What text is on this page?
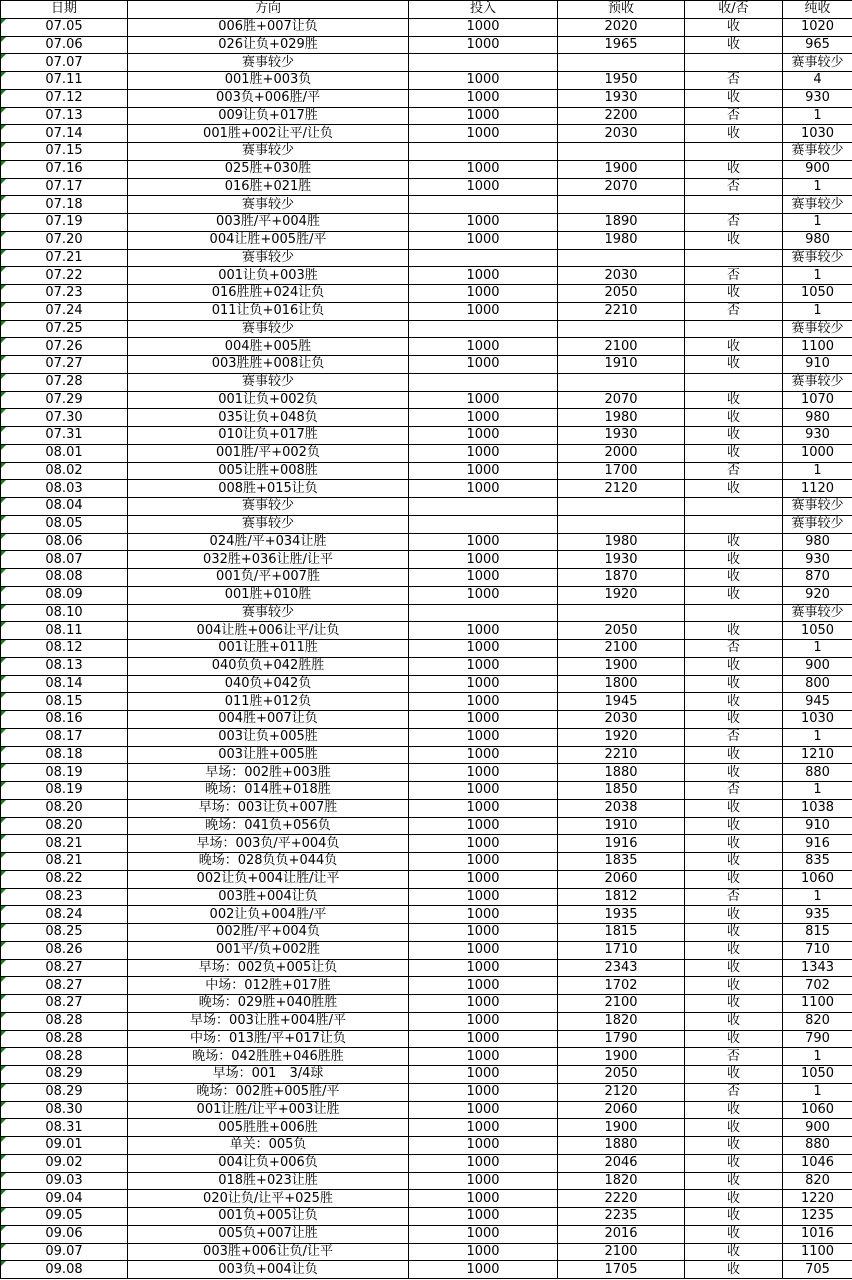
日期	方向	投入	预收	收/否	纯收
07.05	006胜+007让负	1000	2020	收	1020
07.06	026让负+029胜	1000	1965	收	965
07.07	赛事较少				赛事较少
07.11	001胜+003负	1000	1950	否	4
07.12	003负+006胜/平	1000	1930	收	930
07.13	009让负+017胜	1000	2200	否	1
07.14	001胜+002让平/让负	1000	2030	收	1030
07.15	赛事较少				赛事较少
07.16	025胜+030胜	1000	1900	收	900
07.17	016胜+021胜	1000	2070	否	1
07.18	赛事较少				赛事较少
07.19	003胜/平+004胜	1000	1890	否	1
07.20	004让胜+005胜/平	1000	1980	收	980
07.21	赛事较少				赛事较少
07.22	001让负+003胜	1000	2030	否	1
07.23	016胜胜+024让负	1000	2050	收	1050
07.24	011让负+016让负	1000	2210	否	1
07.25	赛事较少				赛事较少
07.26	004胜+005胜	1000	2100	收	1100
07.27	003胜胜+008让负	1000	1910	收	910
07.28	赛事较少				赛事较少
07.29	001让负+002负	1000	2070	收	1070
07.30	035让负+048负	1000	1980	收	980
07.31	010让负+017胜	1000	1930	收	930
08.01	001胜/平+002负	1000	2000	收	1000
08.02	005让胜+008胜	1000	1700	否	1
08.03	008胜+015让负	1000	2120	收	1120
08.04	赛事较少				赛事较少
08.05	赛事较少				赛事较少
08.06	024胜/平+034让胜	1000	1980	收	980
08.07	032胜+036让胜/让平	1000	1930	收	930
08.08	001负/平+007胜	1000	1870	收	870
08.09	001胜+010胜	1000	1920	收	920
08.10	赛事较少				赛事较少
08.11	004让胜+006让平/让负	1000	2050	收	1050
08.12	001让胜+011胜	1000	2100	否	1
08.13	040负负+042胜胜	1000	1900	收	900
08.14	040负+042负	1000	1800	收	800
08.15	011胜+012负	1000	1945	收	945
08.16	004胜+007让负	1000	2030	收	1030
08.17	003让负+005胜	1000	1920	否	1
08.18	003让胜+005胜	1000	2210	收	1210
08.19	早场：002胜+003胜	1000	1880	收	880
08.19	晚场：014胜+018胜	1000	1850	否	1
08.20	早场：003让负+007胜	1000	2038	收	1038
08.20	晚场：041负+056负	1000	1910	收	910
08.21	早场：003负/平+004负	1000	1916	收	916
08.21	晚场：028负负+044负	1000	1835	收	835
08.22	002让负+004让胜/让平	1000	2060	收	1060
08.23	003胜+004让负	1000	1812	否	1
08.24	002让负+004胜/平	1000	1935	收	935
08.25	002胜/平+004负	1000	1815	收	815
08.26	001平/负+002胜	1000	1710	收	710
08.27	早场：002负+005让负	1000	2343	收	1343
08.27	中场：012胜+017胜	1000	1702	收	702
08.27	晚场：029胜+040胜胜	1000	2100	收	1100
08.28	早场：003让胜+004胜/平	1000	1820	收	820
08.28	中场：013胜/平+017让负	1000	1790	收	790
08.28	晚场：042胜胜+046胜胜	1000	1900	否	1
08.29	早场：001　3/4球	1000	2050	收	1050
08.29	晚场：002胜+005胜/平	1000	2120	否	1
08.30	001让胜/让平+003让胜	1000	2060	收	1060
08.31	005胜胜+006胜	1000	1900	收	900
09.01	单关：005负	1000	1880	收	880
09.02	004让负+006负	1000	2046	收	1046
09.03	018胜+023让胜	1000	1820	收	820
09.04	020让负/让平+025胜	1000	2220	收	1220
09.05	001负+005让负	1000	2235	收	1235
09.06	005负+007让胜	1000	2016	收	1016
09.07	003胜+006让负/让平	1000	2100	收	1100
09.08	003负+004让负	1000	1705	收	705
